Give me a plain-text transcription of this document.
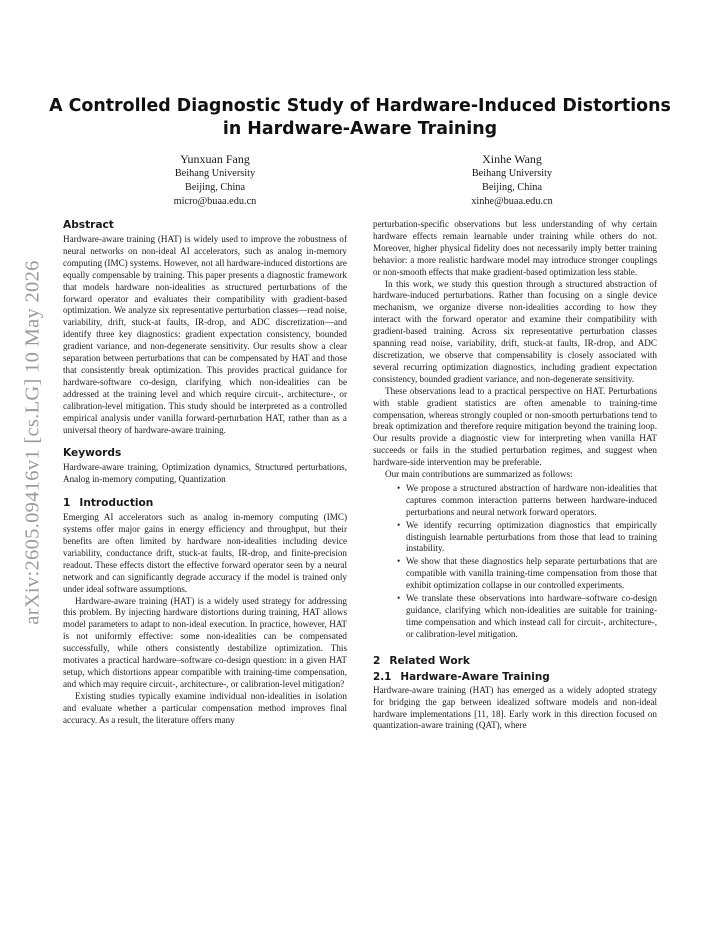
arXiv:2605.09416v1 [cs.LG] 10 May 2026
A Controlled Diagnostic Study of Hardware-Induced Distortions in Hardware-Aware Training
Yunxuan Fang
Beihang University
Beijing, China
micro@buaa.edu.cn
Xinhe Wang
Beihang University
Beijing, China
xinhe@buaa.edu.cn
Abstract

Hardware-aware training (HAT) is widely used to improve the robustness of neural networks on non-ideal AI accelerators, such as analog in-memory computing (IMC) systems. However, not all hardware-induced distortions are equally compensable by training. This paper presents a diagnostic framework that models hardware non-idealities as structured perturbations of the forward operator and evaluates their compatibility with gradient-based optimization. We analyze six representative perturbation classes—read noise, variability, drift, stuck-at faults, IR-drop, and ADC discretization—and identify three key diagnostics: gradient expectation consistency, bounded gradient variance, and non-degenerate sensitivity. Our results show a clear separation between perturbations that can be compensated by HAT and those that consistently break optimization. This provides practical guidance for hardware-software co-design, clarifying which non-idealities can be addressed at the training level and which require circuit-, architecture-, or calibration-level mitigation. This study should be interpreted as a controlled empirical analysis under vanilla forward-perturbation HAT, rather than as a universal theory of hardware-aware training.

Keywords

Hardware-aware training, Optimization dynamics, Structured perturbations, Analog in-memory computing, Quantization

1 Introduction

Emerging AI accelerators such as analog in-memory computing (IMC) systems offer major gains in energy efficiency and throughput, but their benefits are often limited by hardware non-idealities including device variability, conductance drift, stuck-at faults, IR-drop, and finite-precision readout. These effects distort the effective forward operator seen by a neural network and can significantly degrade accuracy if the model is trained only under ideal software assumptions.

Hardware-aware training (HAT) is a widely used strategy for addressing this problem. By injecting hardware distortions during training, HAT allows model parameters to adapt to non-ideal execution. In practice, however, HAT is not uniformly effective: some non-idealities can be compensated successfully, while others consistently destabilize optimization. This motivates a practical hardware–software co-design question: in a given HAT setup, which distortions appear compatible with training-time compensation, and which may require circuit-, architecture-, or calibration-level mitigation?

Existing studies typically examine individual non-idealities in isolation and evaluate whether a particular compensation method improves final accuracy. As a result, the literature offers many

perturbation-specific observations but less understanding of why certain hardware effects remain learnable under training while others do not. Moreover, higher physical fidelity does not necessarily imply better training behavior: a more realistic hardware model may introduce stronger couplings or non-smooth effects that make gradient-based optimization less stable.

In this work, we study this question through a structured abstraction of hardware-induced perturbations. Rather than focusing on a single device mechanism, we organize diverse non-idealities according to how they interact with the forward operator and examine their compatibility with gradient-based training. Across six representative perturbation classes spanning read noise, variability, drift, stuck-at faults, IR-drop, and ADC discretization, we observe that compensability is closely associated with several recurring optimization diagnostics, including gradient expectation consistency, bounded gradient variance, and non-degenerate sensitivity.

These observations lead to a practical perspective on HAT. Perturbations with stable gradient statistics are often amenable to training-time compensation, whereas strongly coupled or non-smooth perturbations tend to break optimization and therefore require mitigation beyond the training loop. Our results provide a diagnostic view for interpreting when vanilla HAT succeeds or fails in the studied perturbation regimes, and suggest when hardware-side intervention may be preferable.

Our main contributions are summarized as follows:

• We propose a structured abstraction of hardware non-idealities that captures common interaction patterns between hardware-induced perturbations and neural network forward operators.
• We identify recurring optimization diagnostics that empirically distinguish learnable perturbations from those that lead to training instability.
• We show that these diagnostics help separate perturbations that are compatible with vanilla training-time compensation from those that exhibit optimization collapse in our controlled experiments.
• We translate these observations into hardware–software co-design guidance, clarifying which non-idealities are suitable for training-time compensation and which instead call for circuit-, architecture-, or calibration-level mitigation.
2 Related Work
2.1 Hardware-Aware Training

Hardware-aware training (HAT) has emerged as a widely adopted strategy for bridging the gap between idealized software models and non-ideal hardware implementations [11, 18]. Early work in this direction focused on quantization-aware training (QAT), where
